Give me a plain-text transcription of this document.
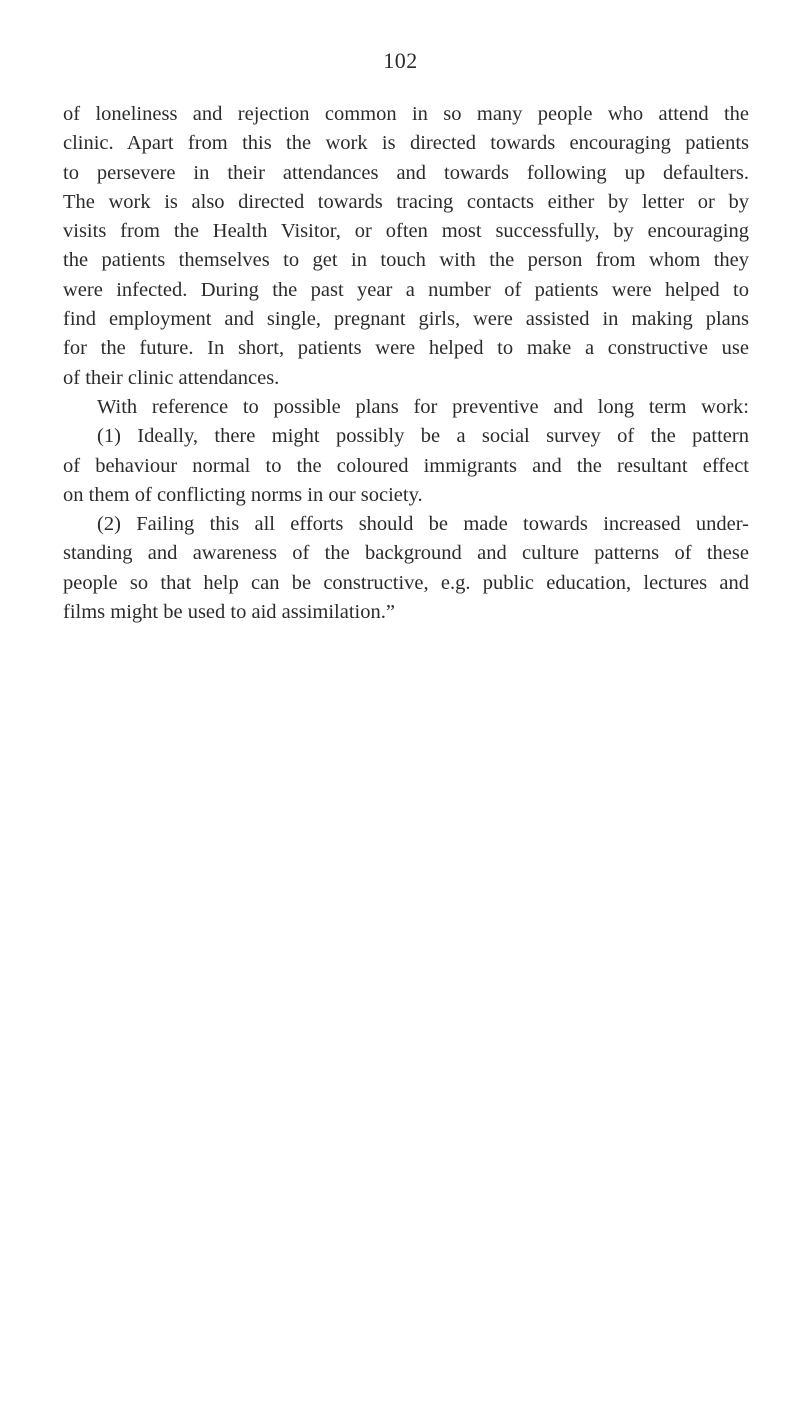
102
of loneliness and rejection common in so many people who attend the
clinic. Apart from this the work is directed towards encouraging patients
to persevere in their attendances and towards following up defaulters.
The work is also directed towards tracing contacts either by letter or by
visits from the Health Visitor, or often most successfully, by encouraging
the patients themselves to get in touch with the person from whom they
were infected. During the past year a number of patients were helped to
find employment and single, pregnant girls, were assisted in making plans
for the future. In short, patients were helped to make a constructive use
of their clinic attendances.
With reference to possible plans for preventive and long term work:
(1) Ideally, there might possibly be a social survey of the pattern
of behaviour normal to the coloured immigrants and the resultant effect
on them of conflicting norms in our society.
(2) Failing this all efforts should be made towards increased under-
standing and awareness of the background and culture patterns of these
people so that help can be constructive, e.g. public education, lectures and
films might be used to aid assimilation.”
